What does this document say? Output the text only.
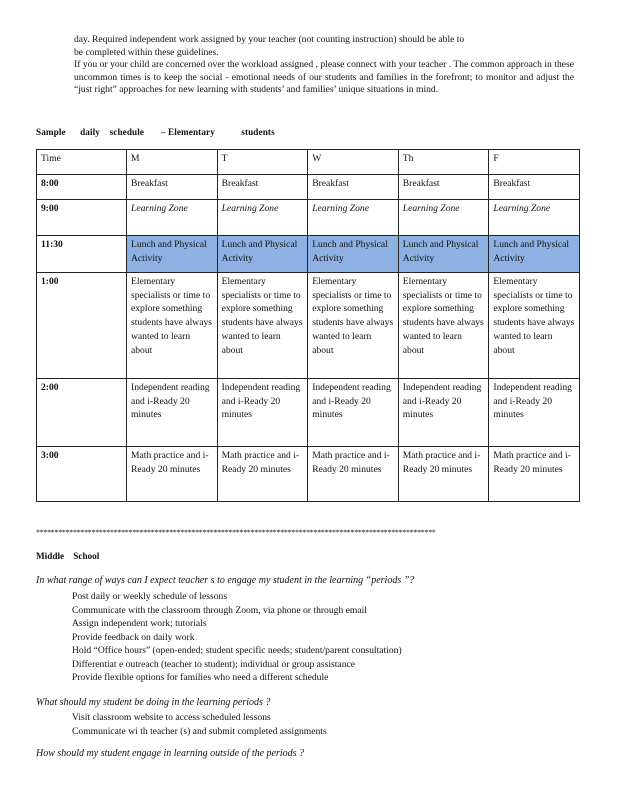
day. Required independent work assigned by your teacher (not counting instruction) should be able to

be completed within these guidelines.

If you or your child are concerned over the workload assigned , please connect with your teacher . The common approach in these uncommon times is to keep the social - emotional needs of our students and families in the forefront; to monitor and adjust the “just right” approaches for new learning with students’ and families’ unique situations in mind.

Sample daily schedule – Elementary	students
Time	M	T	W	Th	F
8:00	Breakfast	Breakfast	Breakfast	Breakfast	Breakfast
9:00	Learning Zone	Learning Zone	Learning Zone	Learning Zone	Learning Zone
11:30	Lunch and Physical Activity	Lunch and Physical Activity	Lunch and Physical Activity	Lunch and Physical Activity	Lunch and Physical Activity
1:00	Elementary specialists or time to explore something students have always wanted to learn about	Elementary specialists or time to explore something students have always wanted to learn about	Elementary specialists or time to explore something students have always wanted to learn about	Elementary specialists or time to explore something students have always wanted to learn about	Elementary specialists or time to explore something students have always wanted to learn about
2:00	Independent reading and i-Ready 20 minutes	Independent reading and i-Ready 20 minutes	Independent reading and i-Ready 20 minutes	Independent reading and i-Ready 20 minutes	Independent reading and i-Ready 20 minutes
3:00	Math practice and i-Ready 20 minutes	Math practice and i-Ready 20 minutes	Math practice and i-Ready 20 minutes	Math practice and i-Ready 20 minutes	Math practice and i-Ready 20 minutes
************************************************************************************************************
Middle    School
In what range of ways can I expect teacher s to engage my student in the learning “periods ”?
Post daily or weekly schedule of lessons
Communicate with the classroom through Zoom, via phone or through email
Assign independent work; tutorials
Provide feedback on daily work
Hold “Office hours” (open-ended; student specific needs; student/parent consultation)
Differentiat e outreach (teacher to student); individual or group assistance
Provide flexible options for families who need a different schedule
What should my student be doing in the learning periods ?
Visit classroom website to access scheduled lessons
Communicate wi th teacher (s) and submit completed assignments
How should my student engage in learning outside of the periods ?
